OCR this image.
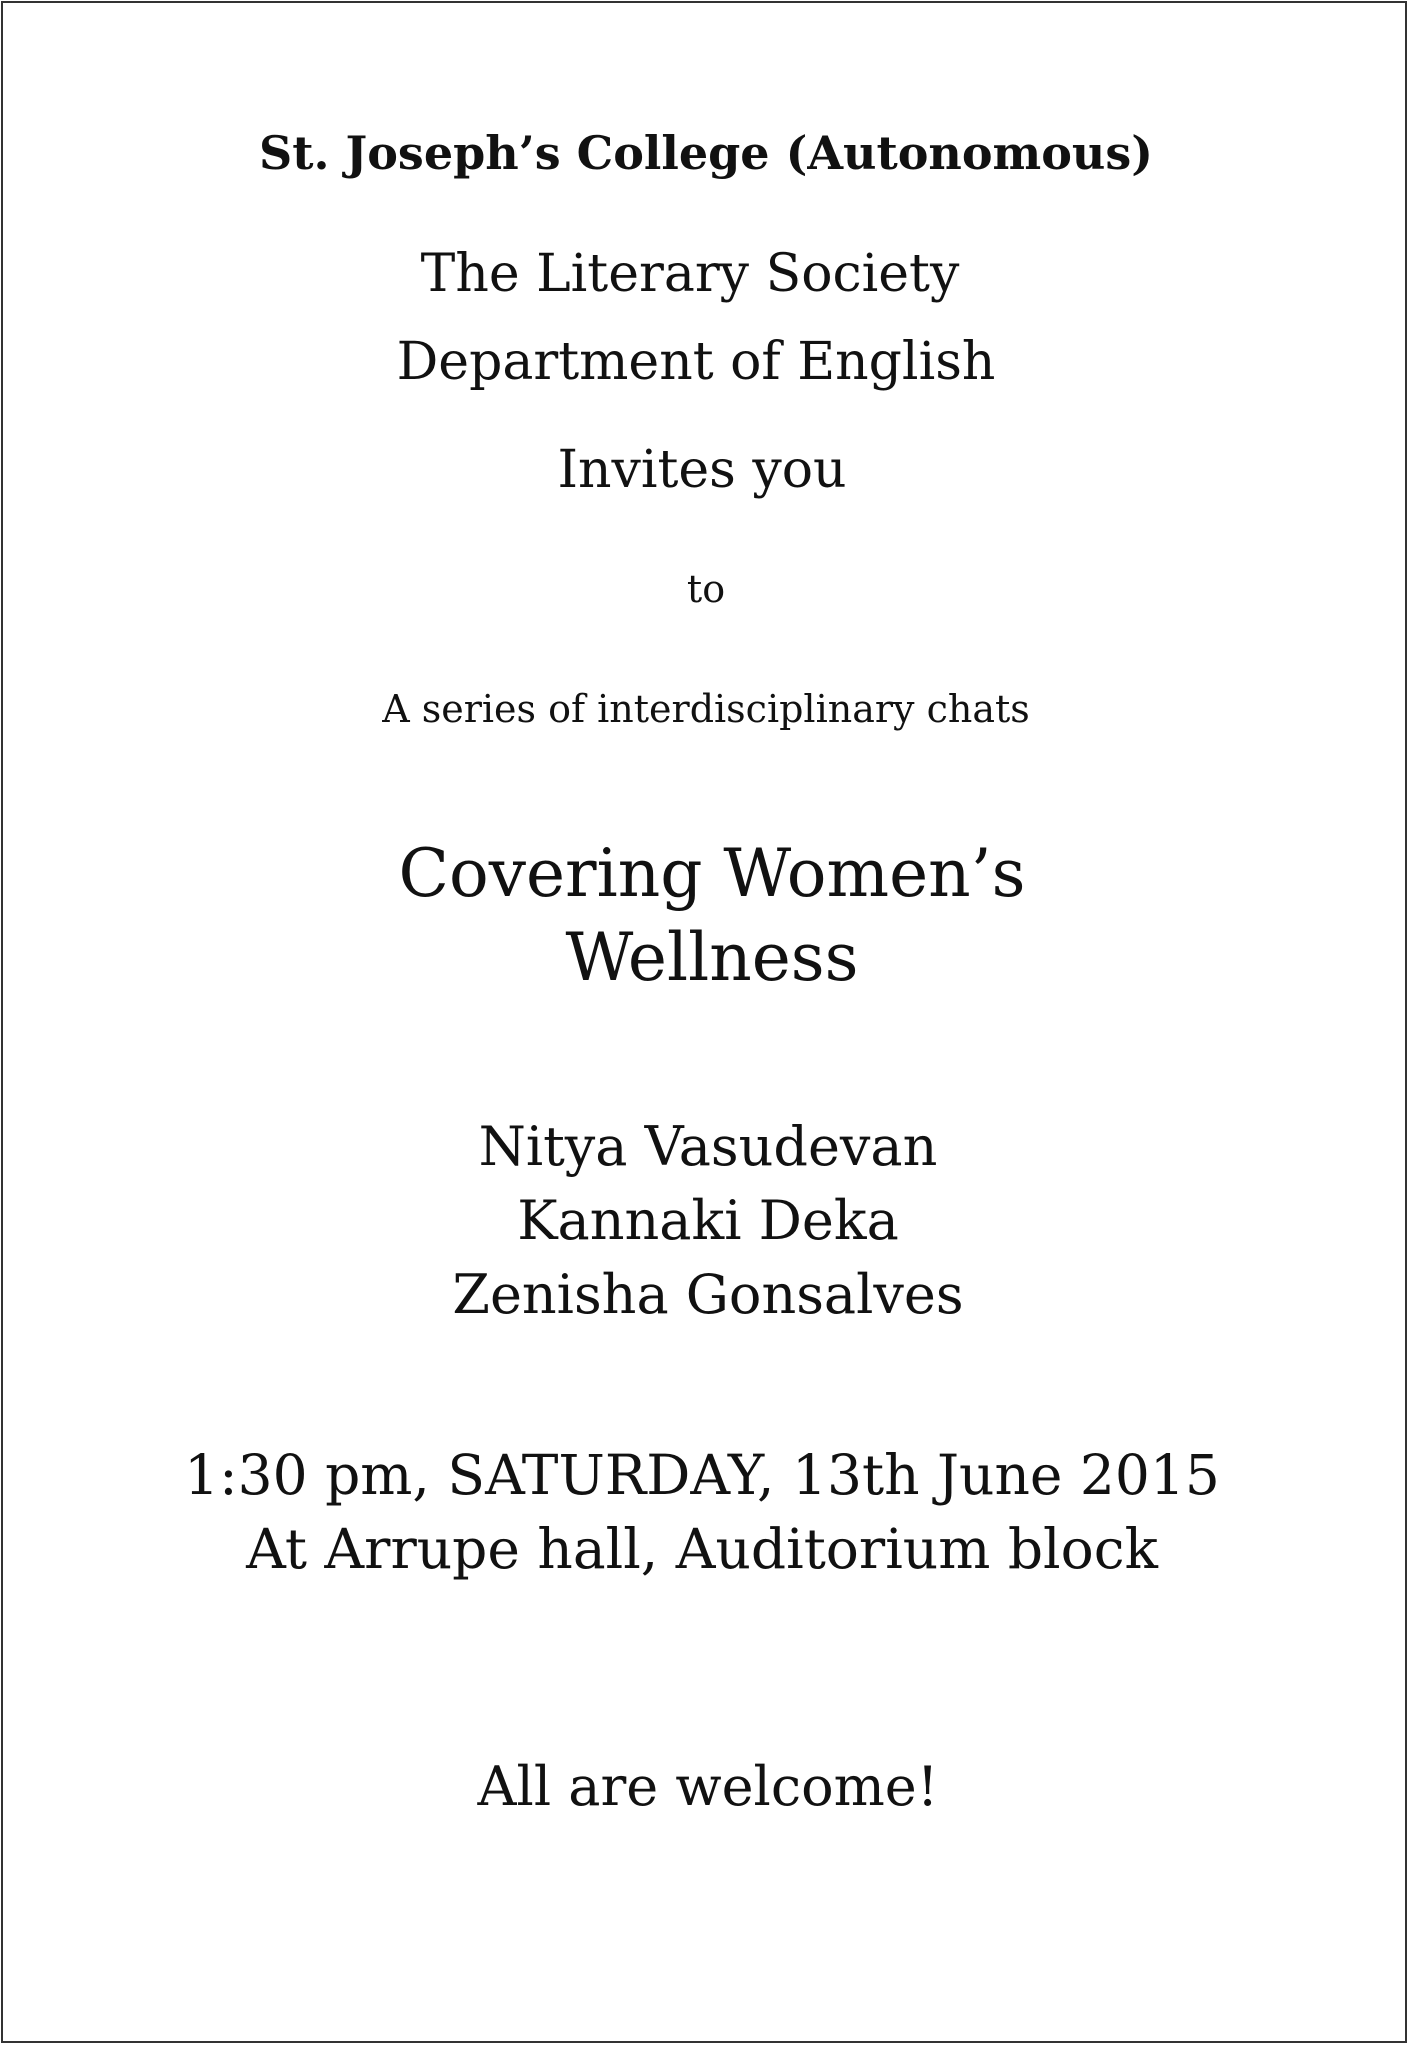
St. Joseph’s College (Autonomous)
The Literary Society
Department of English
Invites you
to
A series of interdisciplinary chats
Covering Women’s
Wellness
Nitya Vasudevan
Kannaki Deka
Zenisha Gonsalves
1:30 pm, SATURDAY, 13th June 2015
At Arrupe hall, Auditorium block
All are welcome!
